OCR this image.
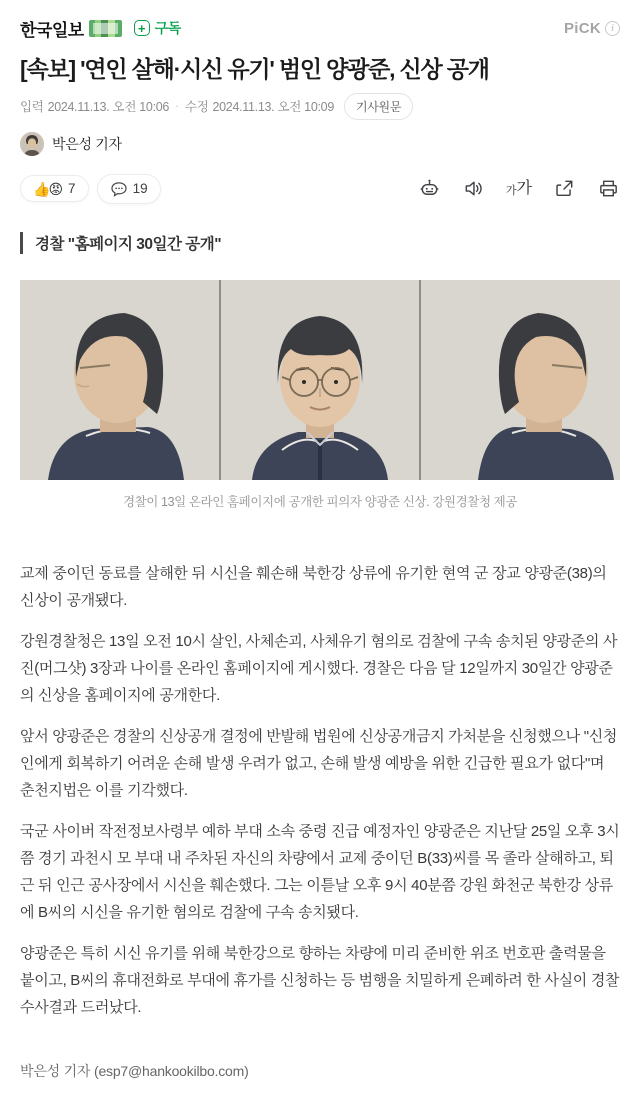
한국일보	+ 구독	PiCK	i
[속보] '연인 살해·시신 유기' 범인 양광준, 신상 공개
입력 2024.11.13. 오전 10:06 · 수정 2024.11.13. 오전 10:09	기사원문
박은성 기자
👍
😡 7	19	가 가
경찰 "홈페이지 30일간 공개"
경찰이 13일 온라인 홈페이지에 공개한 피의자 양광준 신상. 강원경찰청 제공

교제 중이던 동료를 살해한 뒤 시신을 훼손해 북한강 상류에 유기한 현역 군 장교 양광준(38)의 신상이 공개됐다.

강원경찰청은 13일 오전 10시 살인, 사체손괴, 사체유기 혐의로 검찰에 구속 송치된 양광준의 사진(머그샷) 3장과 나이를 온라인 홈페이지에 게시했다. 경찰은 다음 달 12일까지 30일간 양광준의 신상을 홈페이지에 공개한다.

앞서 양광준은 경찰의 신상공개 결정에 반발해 법원에 신상공개금지 가처분을 신청했으나 "신청인에게 회복하기 어려운 손해 발생 우려가 없고, 손해 발생 예방을 위한 긴급한 필요가 없다"며 춘천지법은 이를 기각했다.

국군 사이버 작전정보사령부 예하 부대 소속 중령 진급 예정자인 양광준은 지난달 25일 오후 3시쯤 경기 과천시 모 부대 내 주차된 자신의 차량에서 교제 중이던 B(33)씨를 목 졸라 살해하고, 퇴근 뒤 인근 공사장에서 시신을 훼손했다. 그는 이튿날 오후 9시 40분쯤 강원 화천군 북한강 상류에 B씨의 시신을 유기한 혐의로 검찰에 구속 송치됐다.

양광준은 특히 시신 유기를 위해 북한강으로 향하는 차량에 미리 준비한 위조 번호판 출력물을 붙이고, B씨의 휴대전화로 부대에 휴가를 신청하는 등 범행을 치밀하게 은폐하려 한 사실이 경찰 수사결과 드러났다.

박은성 기자 (esp7@hankookilbo.com)
